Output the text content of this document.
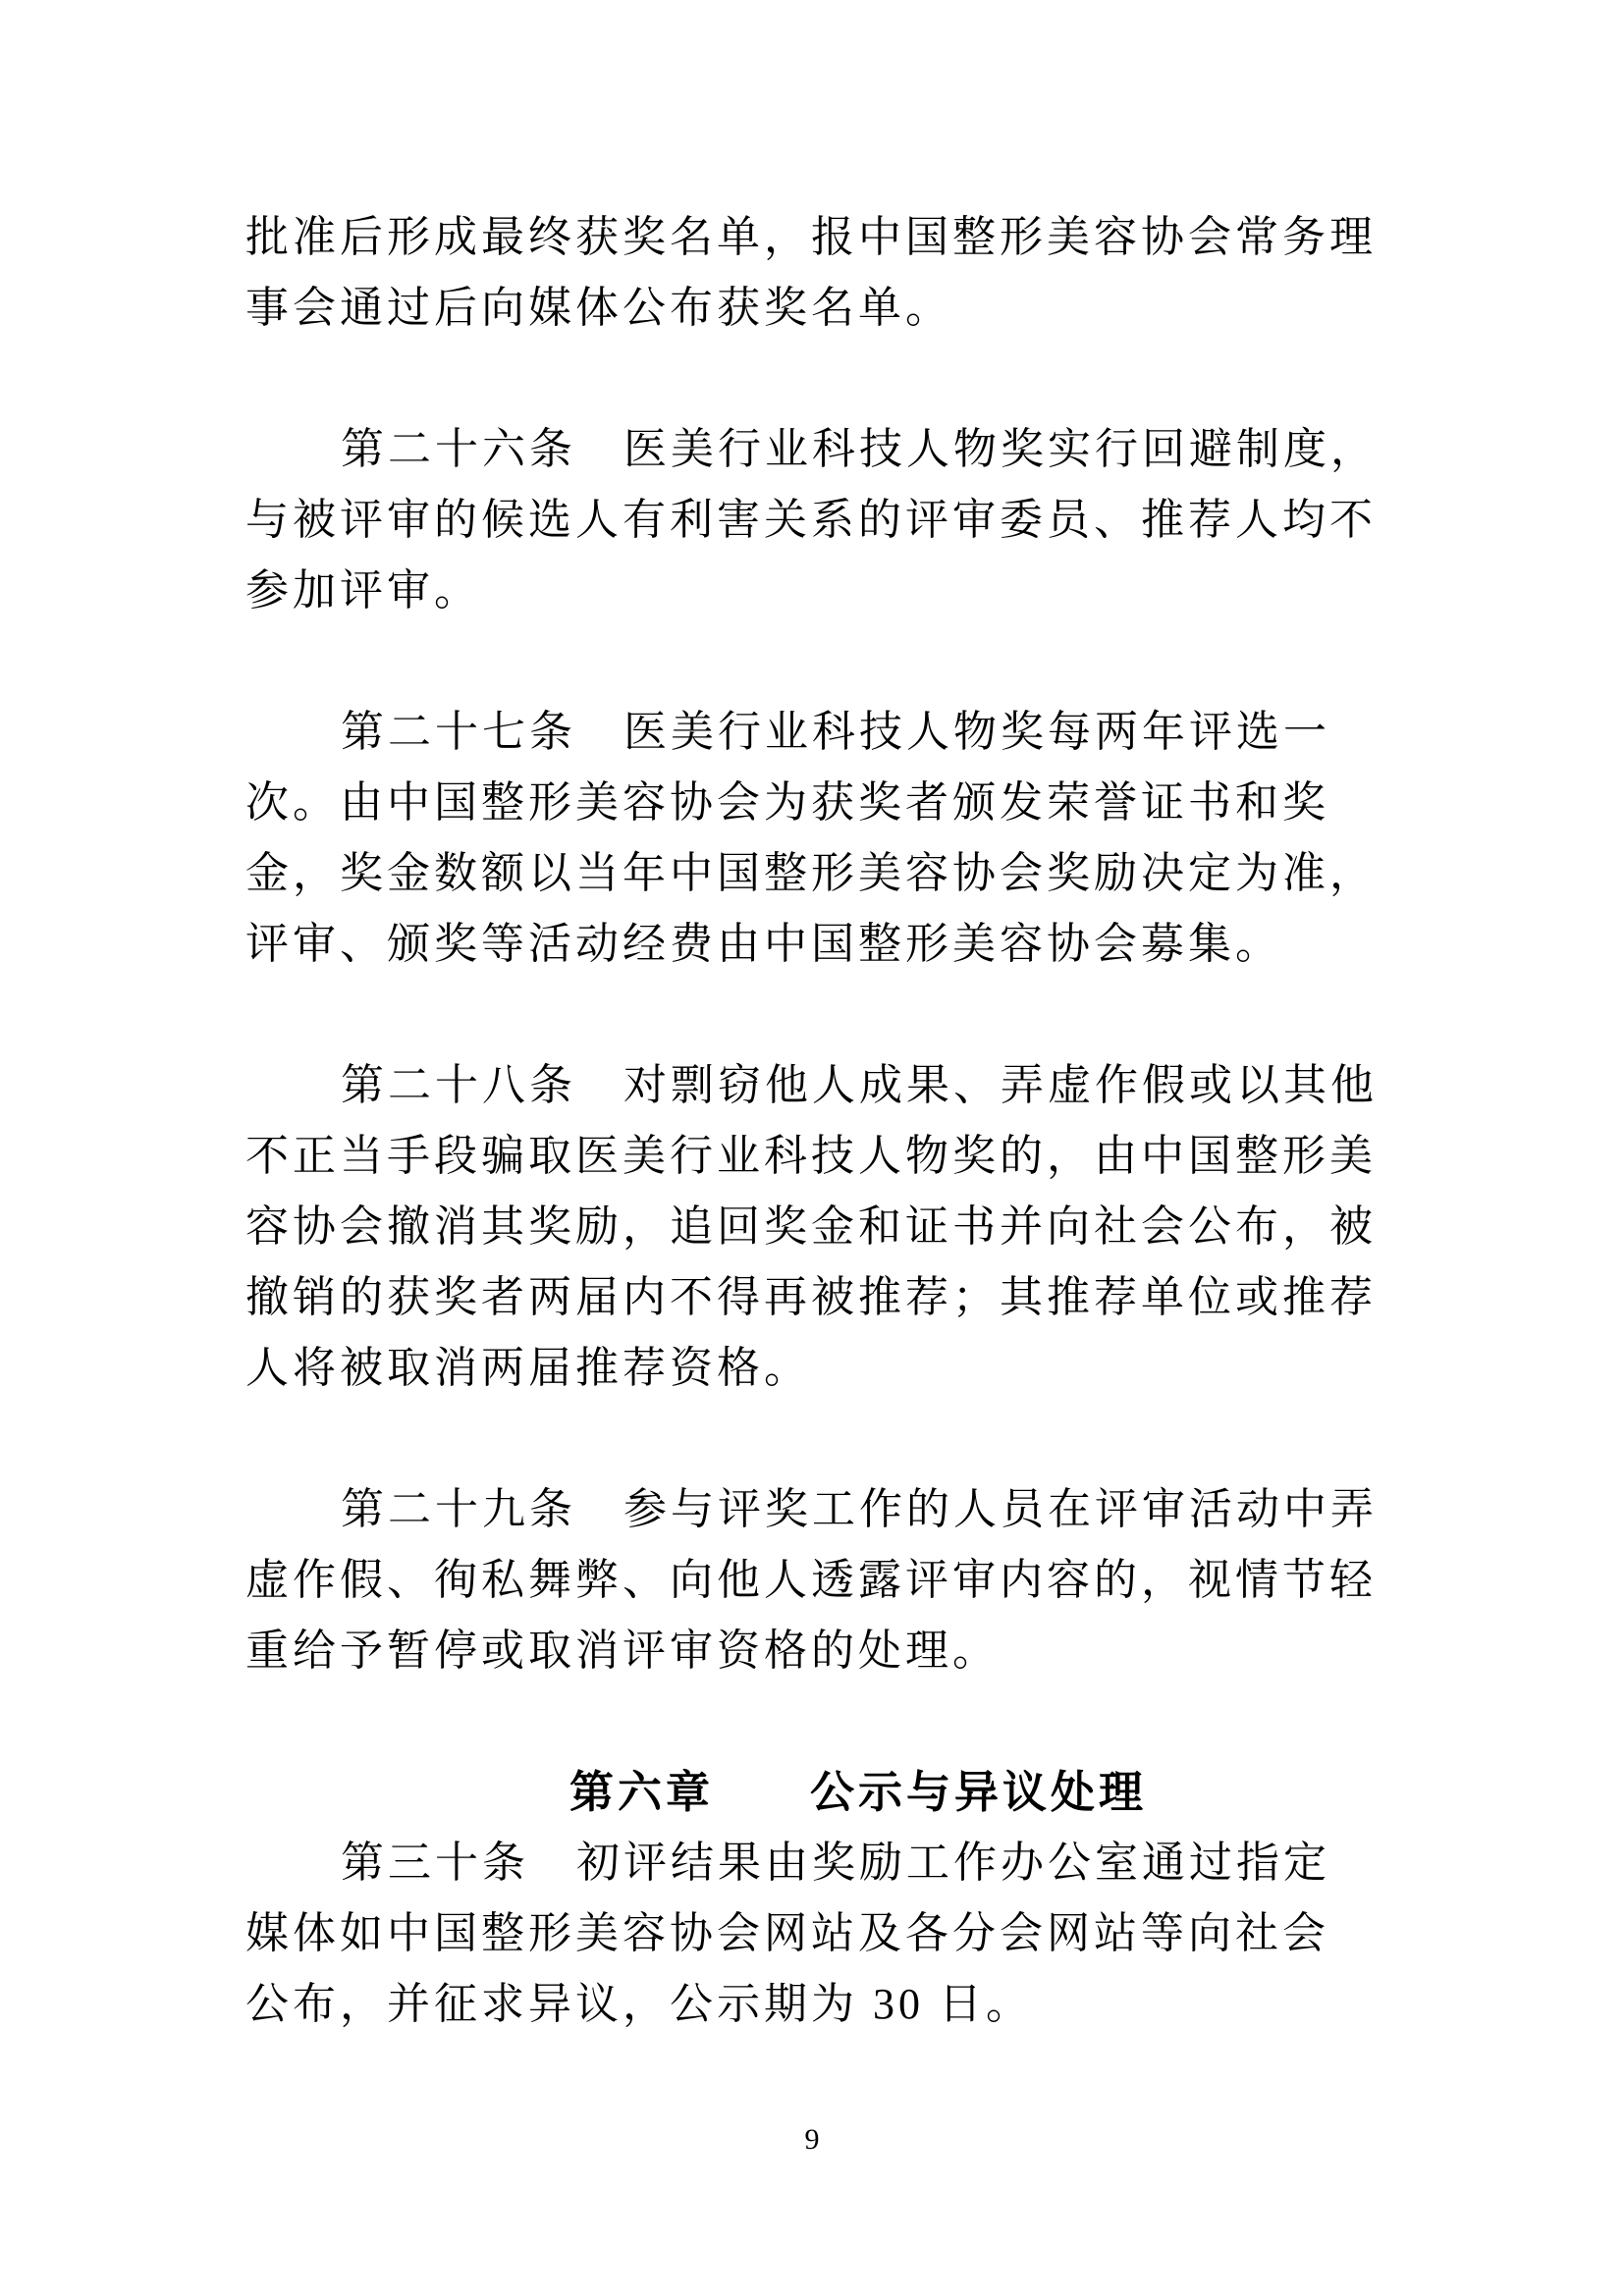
批准后形成最终获奖名单，报中国整形美容协会常务理
事会通过后向媒体公布获奖名单。
第二十六条　医美行业科技人物奖实行回避制度，
与被评审的候选人有利害关系的评审委员、推荐人均不
参加评审。
第二十七条　医美行业科技人物奖每两年评选一
次。由中国整形美容协会为获奖者颁发荣誉证书和奖
金，奖金数额以当年中国整形美容协会奖励决定为准，
评审、颁奖等活动经费由中国整形美容协会募集。
第二十八条　对剽窃他人成果、弄虚作假或以其他
不正当手段骗取医美行业科技人物奖的，由中国整形美
容协会撤消其奖励，追回奖金和证书并向社会公布，被
撤销的获奖者两届内不得再被推荐；其推荐单位或推荐
人将被取消两届推荐资格。
第二十九条　参与评奖工作的人员在评审活动中弄
虚作假、徇私舞弊、向他人透露评审内容的，视情节轻
重给予暂停或取消评审资格的处理。
第六章　　公示与异议处理
第三十条　初评结果由奖励工作办公室通过指定
媒体如中国整形美容协会网站及各分会网站等向社会
公布，并征求异议，公示期为 30 日。
9
